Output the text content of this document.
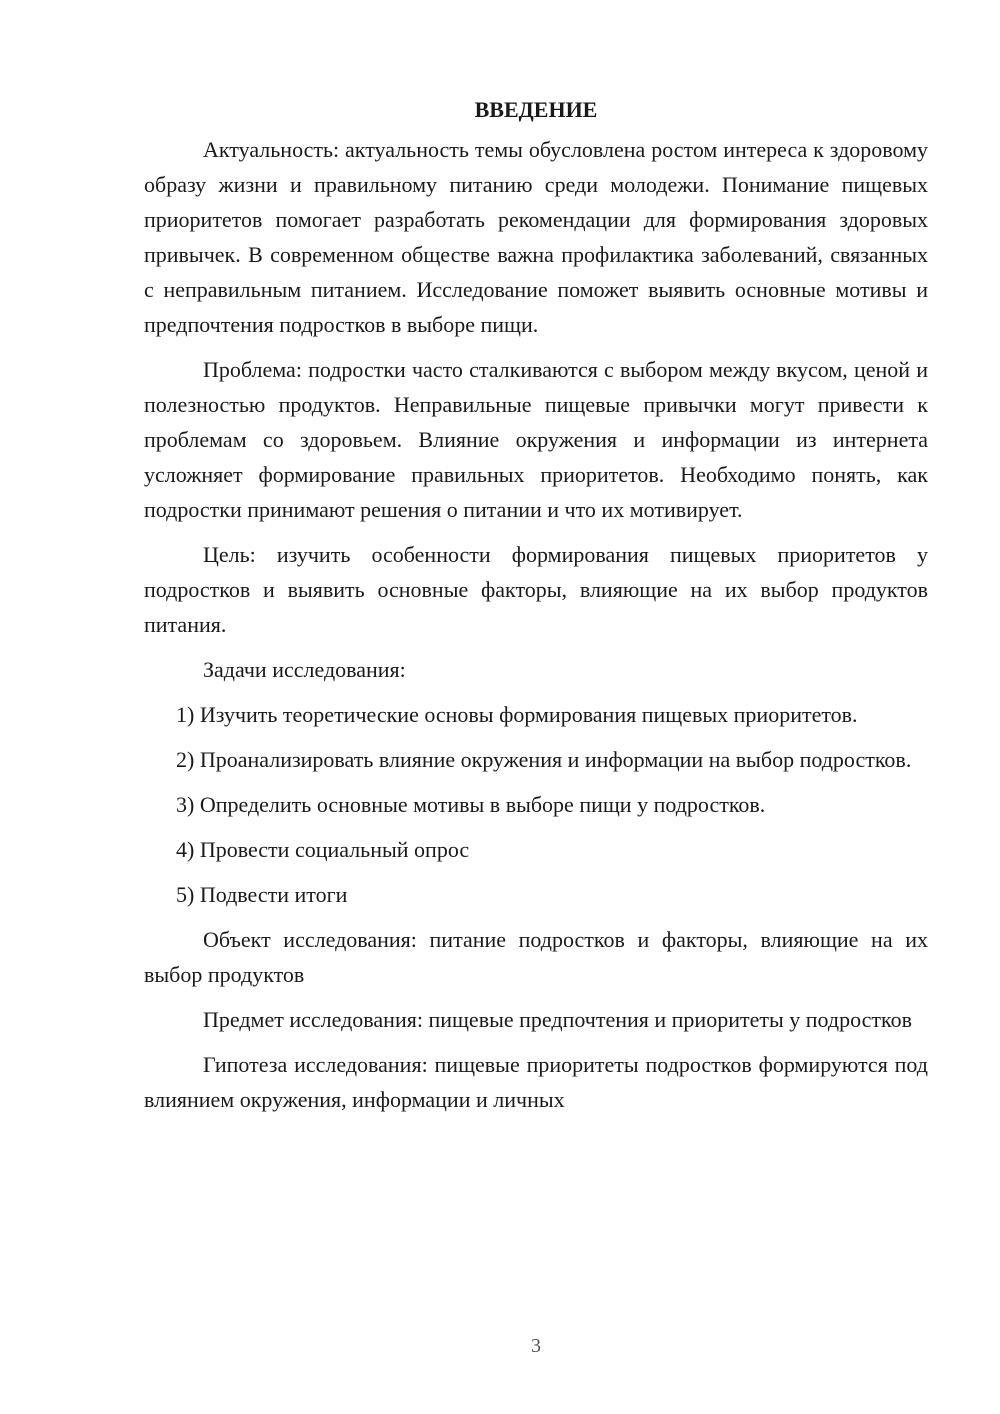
ВВЕДЕНИЕ

Актуальность: актуальность темы обусловлена ростом интереса к здоровому образу жизни и правильному питанию среди молодежи. Понимание пищевых приоритетов помогает разработать рекомендации для формирования здоровых привычек. В современном обществе важна профилактика заболеваний, связанных с неправильным питанием. Исследование поможет выявить основные мотивы и предпочтения подростков в выборе пищи.

Проблема: подростки часто сталкиваются с выбором между вкусом, ценой и полезностью продуктов. Неправильные пищевые привычки могут привести к проблемам со здоровьем. Влияние окружения и информации из интернета усложняет формирование правильных приоритетов. Необходимо понять, как подростки принимают решения о питании и что их мотивирует.

Цель: изучить особенности формирования пищевых приоритетов у подростков и выявить основные факторы, влияющие на их выбор продуктов питания.

Задачи исследования:

1) Изучить теоретические основы формирования пищевых приоритетов.

2) Проанализировать влияние окружения и информации на выбор подростков.

3) Определить основные мотивы в выборе пищи у подростков.

4) Провести социальный опрос

5) Подвести итоги

Объект исследования: питание подростков и факторы, влияющие на их выбор продуктов

Предмет исследования: пищевые предпочтения и приоритеты у подростков

Гипотеза исследования: пищевые приоритеты подростков формируются под влиянием окружения, информации и личных

3
